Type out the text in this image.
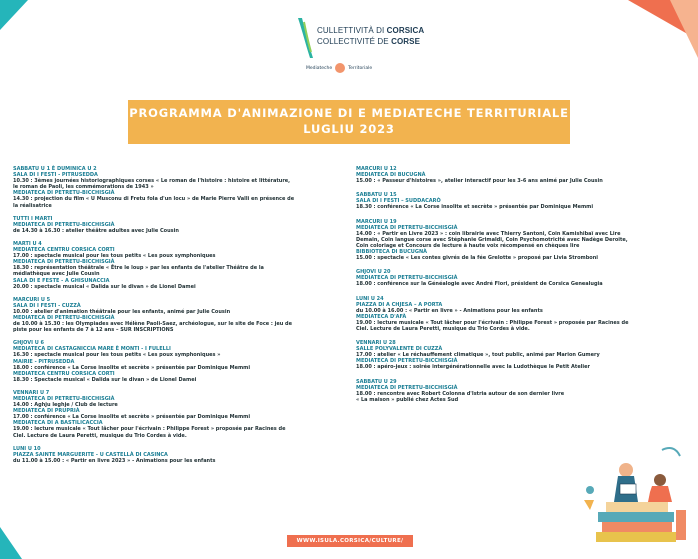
CULLETTIVITÀ DI CORSICA
COLLECTIVITÉ DE CORSE
Mediateche	Territoriale
PROGRAMMA D'ANIMAZIONE DI E MEDIATECHE TERRITURIALE
LUGLIU 2023
SABBATU U 1 È DUMINICA U 2
SALA DI I FESTI - PITRUSEDDA
10.30 : 3èmes journées historiographiques corses « Le roman de l'histoire : histoire et littérature,
le roman de Paoli, les commémorations de 1943 »
MEDIATECA DI PETRETU-BICCHISGIÀ
14.30 : projection du film « U Musconu di Fretu fola d'un locu » de Marie Pierre Valli en présence de
la réalisatrice
TUTTI I MARTI
MEDIATECA DI PETRETU-BICCHISGIÀ
de 14.30 à 16.30 : atelier théâtre adultes avec Julie Cousin
MARTI U 4
MEDIATECA CENTRU CORSICA CORTI
17.00 : spectacle musical pour les tous petits « Les poux symphoniques
MEDIATECA DI PETRETU-BICCHISGIÀ
18.30 : représentation théâtrale « Être le loup » par les enfants de l'atelier Théâtre de la
médiathèque avec Julie Cousin
SALA DI E FESTE - A GHISUNACCIA
20.00 : spectacle musical « Dalida sur le divan » de Lionel Damei
MARCURI U 5
SALA DI I FESTI - CUZZÀ
10.00 : atelier d'animation théâtrale pour les enfants, animé par Julie Cousin
MEDIATECA DI PETRETU-BICCHISGIÀ
de 10.00 à 15.30 : les Olympiades avec Hélène Paoli-Saez, archéologue, sur le site de Foce : jeu de
piste pour les enfants de 7 à 12 ans – SUR INSCRIPTIONS
GHJOVI U 6
MEDIATECA DI CASTAGNICCIA MARE È MONTI - I FULELLI
16.30 : spectacle musical pour les tous petits « Les poux symphoniques »
MAIRIE - PITRUSEDDA
18.00 : conférence « La Corse insolite et secrète » présentée par Dominique Memmi
MEDIATECA CENTRU CORSICA CORTI
18.30 : Spectacle musical « Dalida sur le divan » de Lionel Damei
VENNARI U 7
MEDIATECA DI PETRETU-BICCHISGIÀ
14.00 : Aghju leghje / Club de lecture
MEDIATECA DI PRUPRIÀ
17.00 : conférence « La Corse insolite et secrète » présentée par Dominique Memmi
MEDIATECA DI A BASTILICACCIA
19.00 : lecture musicale « Tout lâcher pour l'écrivain : Philippe Forest » proposée par Racines de
Ciel. Lecture de Laura Peretti, musique du Trio Cordes à vide.
LUNI U 10
PIAZZA SAINTE MARGUERITE - U CASTELLÀ DI CASINCA
du 11.00 à 15.00 : « Partir en livre 2023 » - Animations pour les enfants
MARCURI U 12
MEDIATECA DI BUCUGNÀ
15.00 : « Passeur d'histoires », atelier interactif pour les 3-6 ans animé par Julie Cousin
SABBATU U 15
SALA DI I FESTI – SUDDACARÒ
18.30 : conférence « La Corse insolite et secrète » présentée par Dominique Memmi
MARCURI U 19
MEDIATECA DI PETRETU-BICCHISGIÀ
14.00 : « Partir en Livre 2023 » : coin librairie avec Thierry Santoni, Coin Kamishibaï avec Lire
Demain, Coin langue corse avec Stéphanie Grimaldi, Coin Psychomotricité avec Nadège Deroite,
Coin coloriage et Concours de lecture à haute voix récompensé en chèques lire
BIBBIOTECA DI BUCUGNÀ
15.00 : spectacle « Les contes givrés de la fée Grelotte » proposé par Livia Stromboni
GHJOVI U 20
MEDIATECA DI PETRETU-BICCHISGIÀ
18.00 : conférence sur la Généalogie avec André Flori, président de Corsica Genealugia
LUNI U 24
PIAZZA DI A CHJESA – A PORTA
du 10.00 à 16.00 : « Partir en livre » - Animations pour les enfants
MEDIATECA D'AFÀ
19.00 : lecture musicale « Tout lâcher pour l'écrivain : Philippe Forest » proposée par Racines de
Ciel. Lecture de Laura Peretti, musique du Trio Cordes à vide.
VENNARI U 28
SALLE POLYVALENTE DI CUZZÀ
17.00 : atelier « Le réchauffement climatique », tout public, animé par Marion Gumery
MEDIATECA DI PETRETU-BICCHISGIÀ
18.00 : apéro-jeux : soirée intergénérationnelle avec la Ludothèque le Petit Atelier
SABBATU U 29
MEDIATECA DI PETRETU-BICCHISGIÀ
18.00 : rencontre avec Robert Colonna d'Istria autour de son dernier livre
« La maison » publié chez Actes Sud
WWW.ISULA.CORSICA/CULTURE/
